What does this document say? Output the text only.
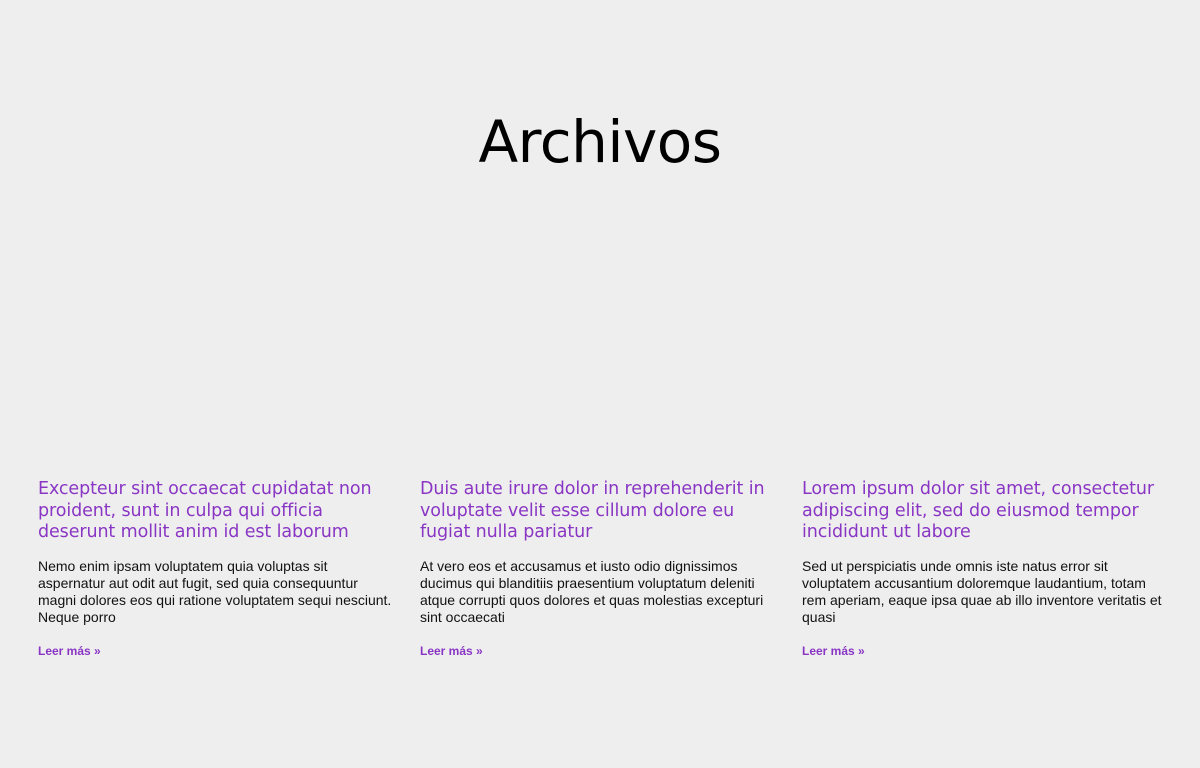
Archivos
Excepteur sint occaecat cupidatat non proident, sunt in culpa qui officia deserunt mollit anim id est laborum

Nemo enim ipsam voluptatem quia voluptas sit aspernatur aut odit aut fugit, sed quia consequuntur magni dolores eos qui ratione voluptatem sequi nesciunt. Neque porro

Leer más »
Duis aute irure dolor in reprehenderit in voluptate velit esse cillum dolore eu fugiat nulla pariatur

At vero eos et accusamus et iusto odio dignissimos ducimus qui blanditiis praesentium voluptatum deleniti atque corrupti quos dolores et quas molestias excepturi sint occaecati

Leer más »
Lorem ipsum dolor sit amet, consectetur adipiscing elit, sed do eiusmod tempor incididunt ut labore

Sed ut perspiciatis unde omnis iste natus error sit voluptatem accusantium doloremque laudantium, totam rem aperiam, eaque ipsa quae ab illo inventore veritatis et quasi

Leer más »
